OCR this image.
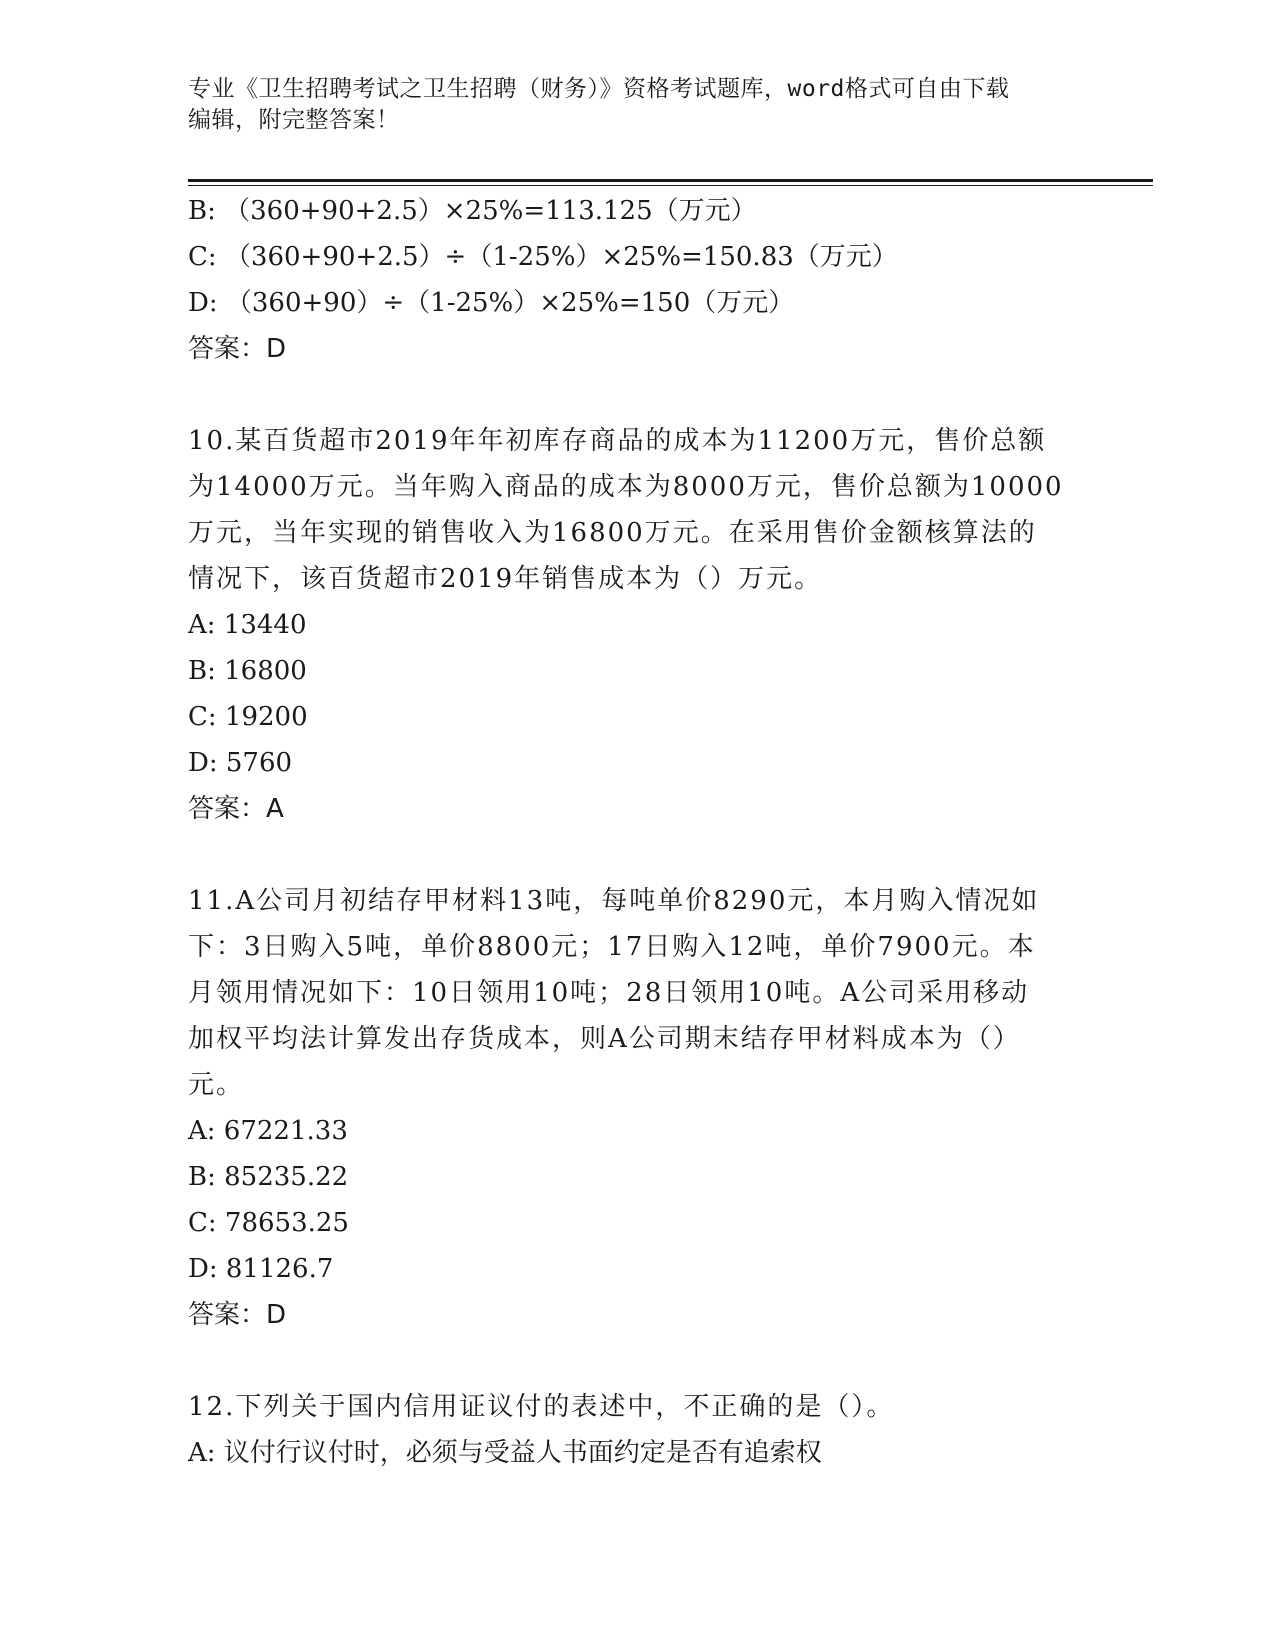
专业《卫生招聘考试之卫生招聘（财务）》资格考试题库，word格式可自由下载
编辑，附完整答案！
B: （360+90+2.5）×25%=113.125（万元）
C: （360+90+2.5）÷（1-25%）×25%=150.83（万元）
D: （360+90）÷（1-25%）×25%=150（万元）
答案：D
10.某百货超市2019年年初库存商品的成本为11200万元，售价总额
为14000万元。当年购入商品的成本为8000万元，售价总额为10000
万元，当年实现的销售收入为16800万元。在采用售价金额核算法的
情况下，该百货超市2019年销售成本为（）万元。
A: 13440
B: 16800
C: 19200
D: 5760
答案：A
11.A公司月初结存甲材料13吨，每吨单价8290元，本月购入情况如
下：3日购入5吨，单价8800元；17日购入12吨，单价7900元。本
月领用情况如下：10日领用10吨；28日领用10吨。A公司采用移动
加权平均法计算发出存货成本，则A公司期末结存甲材料成本为（）
元。
A: 67221.33
B: 85235.22
C: 78653.25
D: 81126.7
答案：D
12.下列关于国内信用证议付的表述中，不正确的是（）。
A: 议付行议付时，必须与受益人书面约定是否有追索权
